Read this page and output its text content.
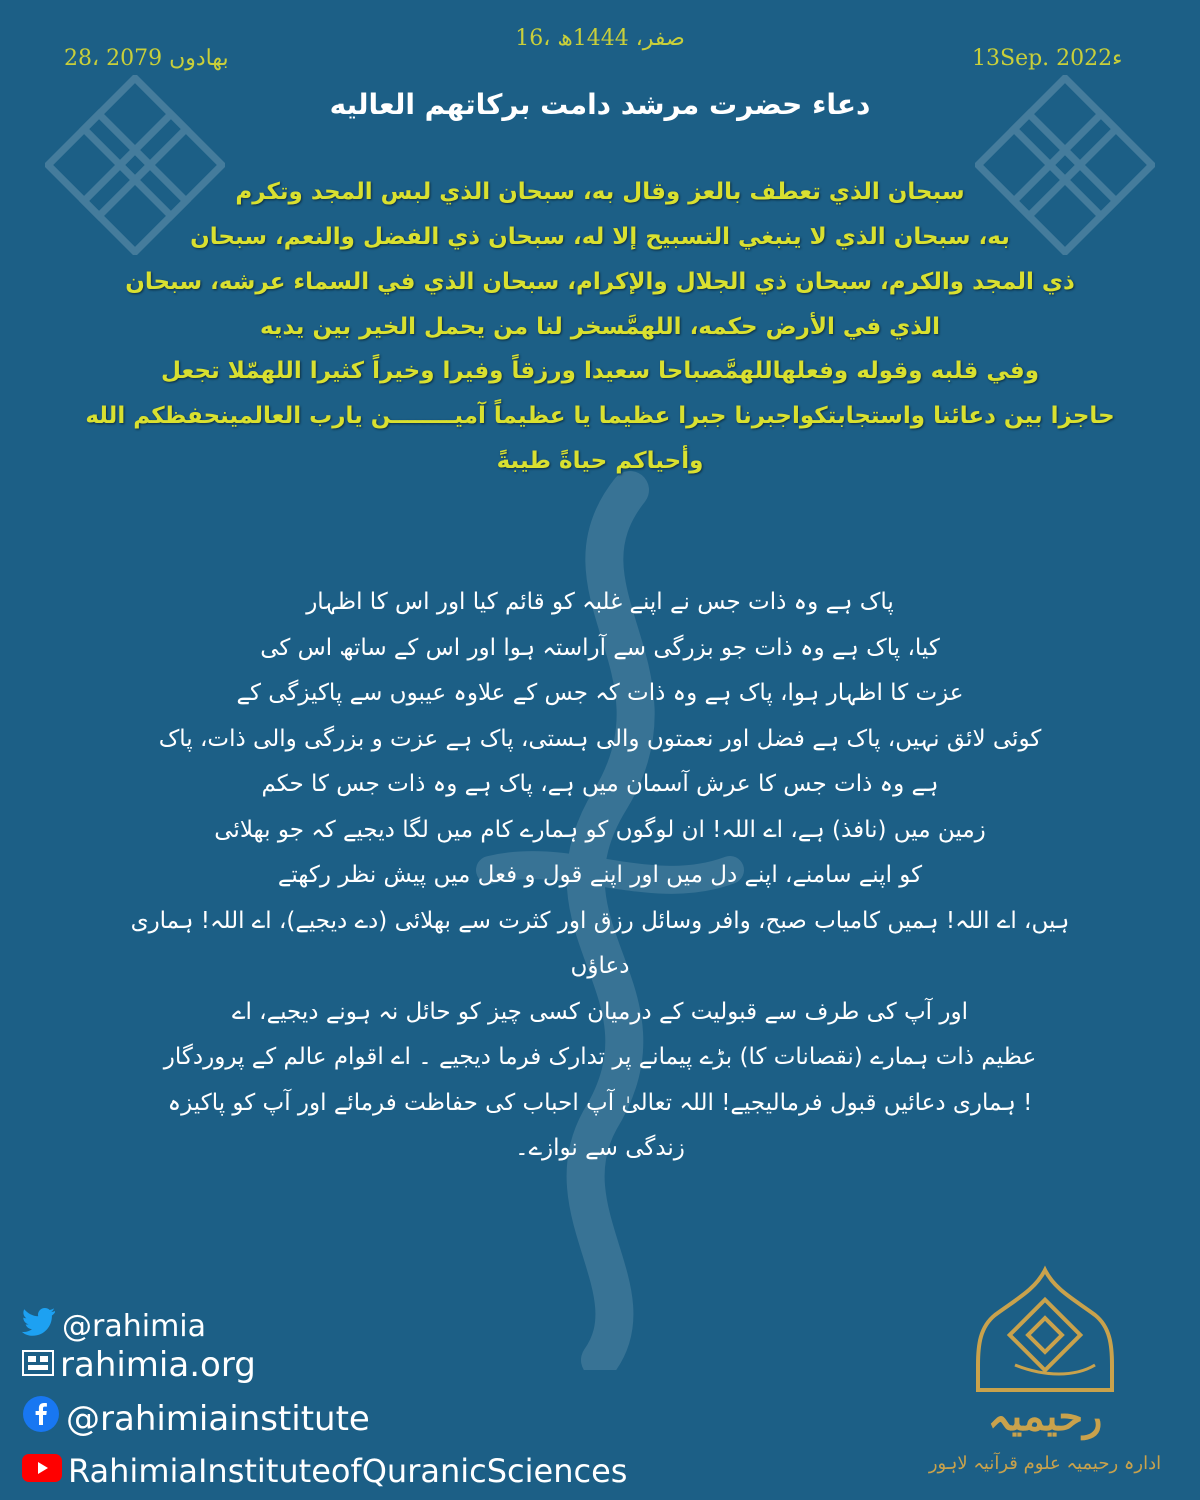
16، صفر، 1444ھ
28، بھادوں 2079	13Sep. 2022ء
دعاء حضرت مرشد دامت برکاتهم العالیه

سبحان الذي تعطف بالعز وقال به، سبحان الذي لبس المجد وتكرم

به، سبحان الذي لا ينبغي التسبيح إلا له، سبحان ذي الفضل والنعم، سبحان

ذي المجد والكرم، سبحان ذي الجلال والإكرام، سبحان الذي في السماء عرشه، سبحان

الذي في الأرض حكمه، اللهمَّسخر لنا من يحمل الخير بين يديه

وفي قلبه وقوله وفعلهاللهمَّصباحا سعيدا ورزقاً وفيرا وخيراً كثيرا اللهمّلا تجعل

حاجزا بين دعائنا واستجابتكواجبرنا جبرا عظيما يا عظيماً آميــــــــن يارب العالمينحفظكم الله

وأحياكم حياةً طيبةً

پاک ہے وہ ذات جس نے اپنے غلبہ کو قائم کیا اور اس کا اظہار

کیا، پاک ہے وہ ذات جو بزرگی سے آراستہ ہوا اور اس کے ساتھ اس کی

عزت کا اظہار ہوا، پاک ہے وہ ذات کہ جس کے علاوہ عیبوں سے پاکیزگی کے

کوئی لائق نہیں، پاک ہے فضل اور نعمتوں والی ہستی، پاک ہے عزت و بزرگی والی ذات، پاک

ہے وہ ذات جس کا عرش آسمان میں ہے، پاک ہے وہ ذات جس کا حکم

زمین میں (نافذ) ہے، اے اللہ! ان لوگوں کو ہمارے کام میں لگا دیجیے کہ جو بھلائی

کو اپنے سامنے، اپنے دل میں اور اپنے قول و فعل میں پیش نظر رکھتے

ہیں، اے اللہ! ہمیں کامیاب صبح، وافر وسائل رزق اور کثرت سے بھلائی (دے دیجیے)، اے اللہ! ہماری دعاؤں

اور آپ کی طرف سے قبولیت کے درمیان کسی چیز کو حائل نہ ہونے دیجیے، اے

عظیم ذات ہمارے (نقصانات کا) بڑے پیمانے پر تدارک فرما دیجیے ۔ اے اقوام عالم کے پروردگار

! ہماری دعائیں قبول فرمالیجیے! اللہ تعالیٰ آپ احباب کی حفاظت فرمائے اور آپ کو پاکیزہ

زندگی سے نوازے۔

@rahimia
rahimia.org
@rahimiainstitute
RahimiaInstituteofQuranicSciences
رحیمیہ
ادارہ رحیمیہ علوم قرآنیہ لاہور
